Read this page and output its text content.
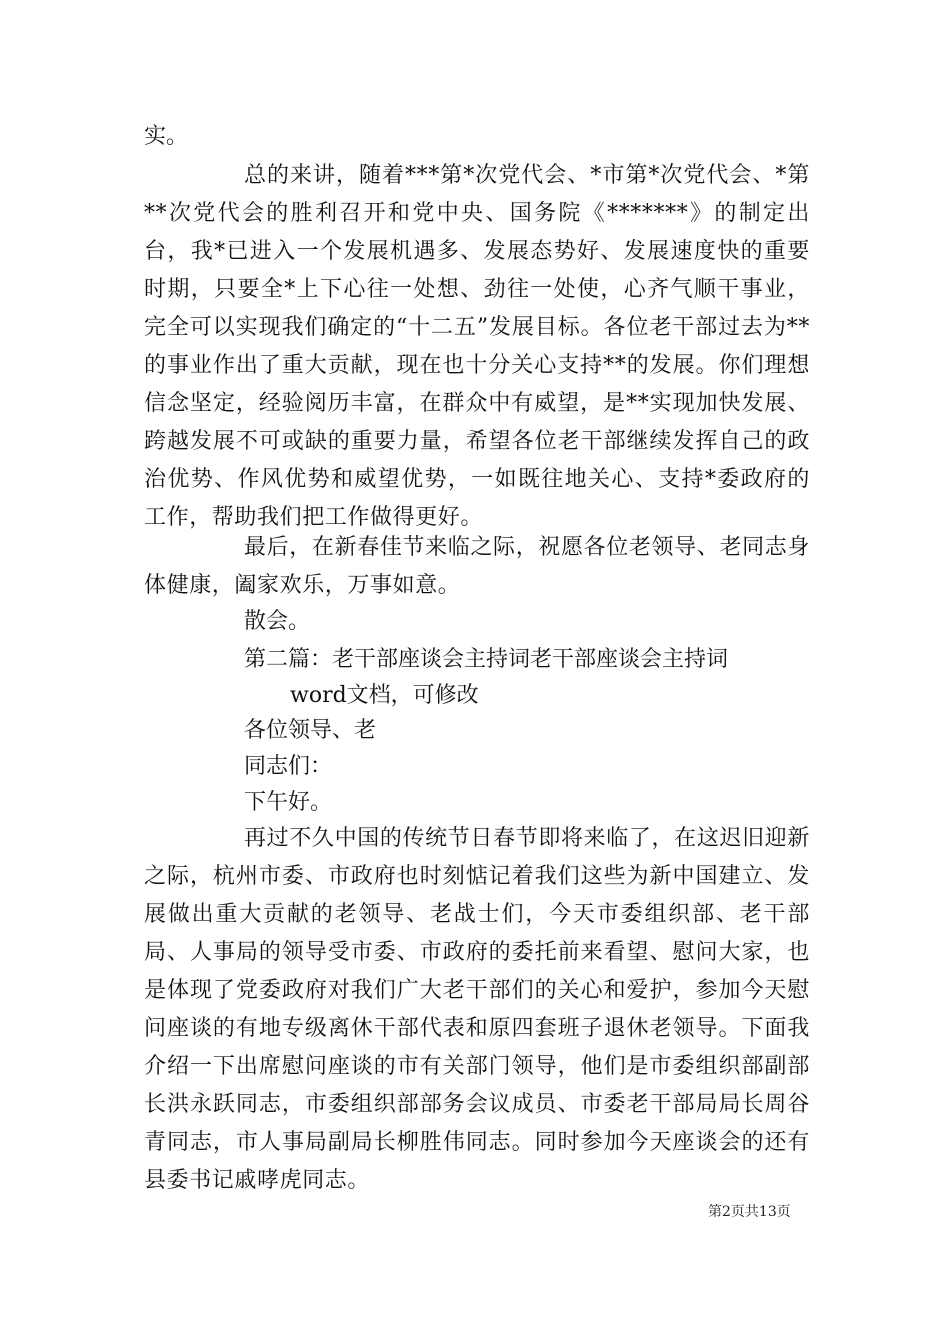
实。
总的来讲，随着***第*次党代会、*市第*次党代会、*第**次党代会的胜利召开和党中央、国务院《*******》的制定出台，我*已进入一个发展机遇多、发展态势好、发展速度快的重要时期，只要全*上下心往一处想、劲往一处使，心齐气顺干事业，完全可以实现我们确定的“十二五”发展目标。各位老干部过去为**的事业作出了重大贡献，现在也十分关心支持**的发展。你们理想信念坚定，经验阅历丰富，在群众中有威望，是**实现加快发展、跨越发展不可或缺的重要力量，希望各位老干部继续发挥自己的政治优势、作风优势和威望优势，一如既往地关心、支持*委政府的工作，帮助我们把工作做得更好。
最后，在新春佳节来临之际，祝愿各位老领导、老同志身体健康，阖家欢乐，万事如意。
散会。
第二篇：老干部座谈会主持词老干部座谈会主持词
word文档，可修改
各位领导、老
同志们：
下午好。
再过不久中国的传统节日春节即将来临了，在这迟旧迎新之际，杭州市委、市政府也时刻惦记着我们这些为新中国建立、发展做出重大贡献的老领导、老战士们，今天市委组织部、老干部局、人事局的领导受市委、市政府的委托前来看望、慰问大家，也是体现了党委政府对我们广大老干部们的关心和爱护，参加今天慰问座谈的有地专级离休干部代表和原四套班子退休老领导。下面我介绍一下出席慰问座谈的市有关部门领导，他们是市委组织部副部长洪永跃同志，市委组织部部务会议成员、市委老干部局局长周谷青同志，市人事局副局长柳胜伟同志。同时参加今天座谈会的还有县委书记戚哮虎同志。
第2页共13页
